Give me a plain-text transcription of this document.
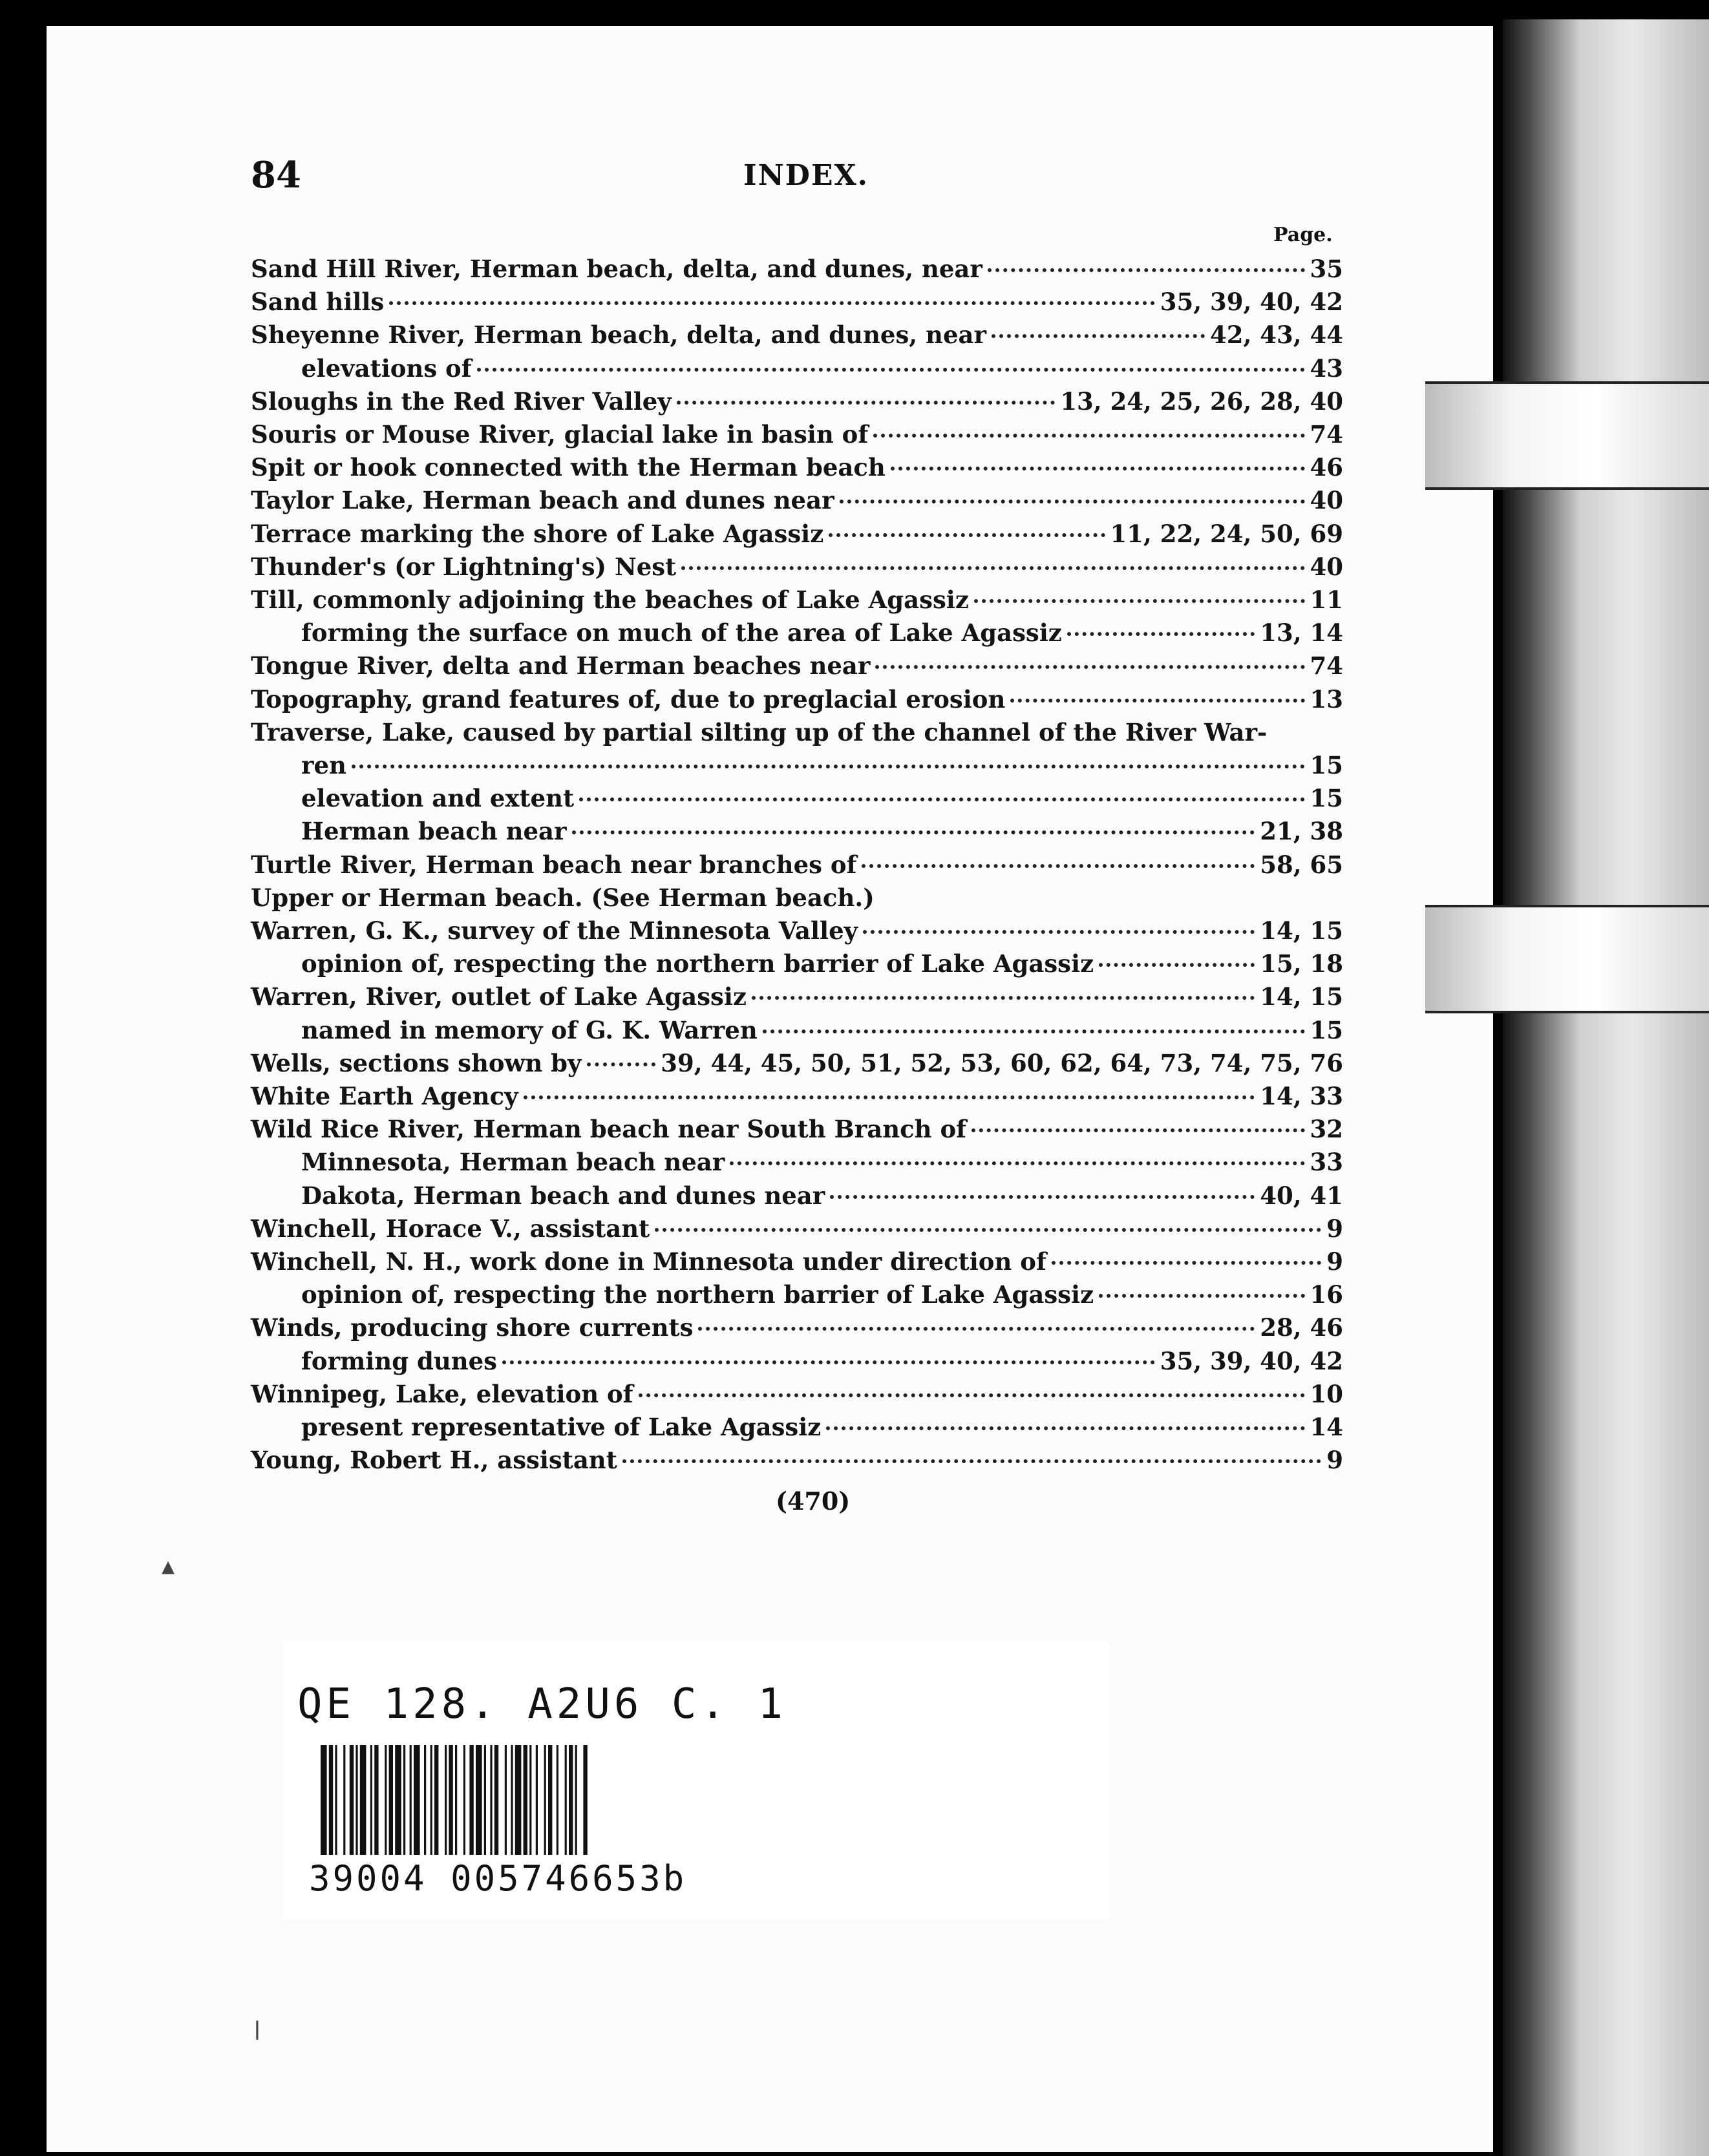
84	INDEX.
Page.
Sand Hill River, Herman beach, delta, and dunes, near	35
Sand hills	35, 39, 40, 42
Sheyenne River, Herman beach, delta, and dunes, near	42, 43, 44
elevations of	43
Sloughs in the Red River Valley	13, 24, 25, 26, 28, 40
Souris or Mouse River, glacial lake in basin of	74
Spit or hook connected with the Herman beach	46
Taylor Lake, Herman beach and dunes near	40
Terrace marking the shore of Lake Agassiz	11, 22, 24, 50, 69
Thunder's (or Lightning's) Nest	40
Till, commonly adjoining the beaches of Lake Agassiz	11
forming the surface on much of the area of Lake Agassiz	13, 14
Tongue River, delta and Herman beaches near	74
Topography, grand features of, due to preglacial erosion	13
Traverse, Lake, caused by partial silting up of the channel of the River War-
ren	15
elevation and extent	15
Herman beach near	21, 38
Turtle River, Herman beach near branches of	58, 65
Upper or Herman beach. (See Herman beach.)
Warren, G. K., survey of the Minnesota Valley	14, 15
opinion of, respecting the northern barrier of Lake Agassiz	15, 18
Warren, River, outlet of Lake Agassiz	14, 15
named in memory of G. K. Warren	15
Wells, sections shown by	39, 44, 45, 50, 51, 52, 53, 60, 62, 64, 73, 74, 75, 76
White Earth Agency	14, 33
Wild Rice River, Herman beach near South Branch of	32
Minnesota, Herman beach near	33
Dakota, Herman beach and dunes near	40, 41
Winchell, Horace V., assistant	9
Winchell, N. H., work done in Minnesota under direction of	9
opinion of, respecting the northern barrier of Lake Agassiz	16
Winds, producing shore currents	28, 46
forming dunes	35, 39, 40, 42
Winnipeg, Lake, elevation of	10
present representative of Lake Agassiz	14
Young, Robert H., assistant	9
(470)
QE 128. A2U6 C. 1
39004 005746653b
▴
ǀ
